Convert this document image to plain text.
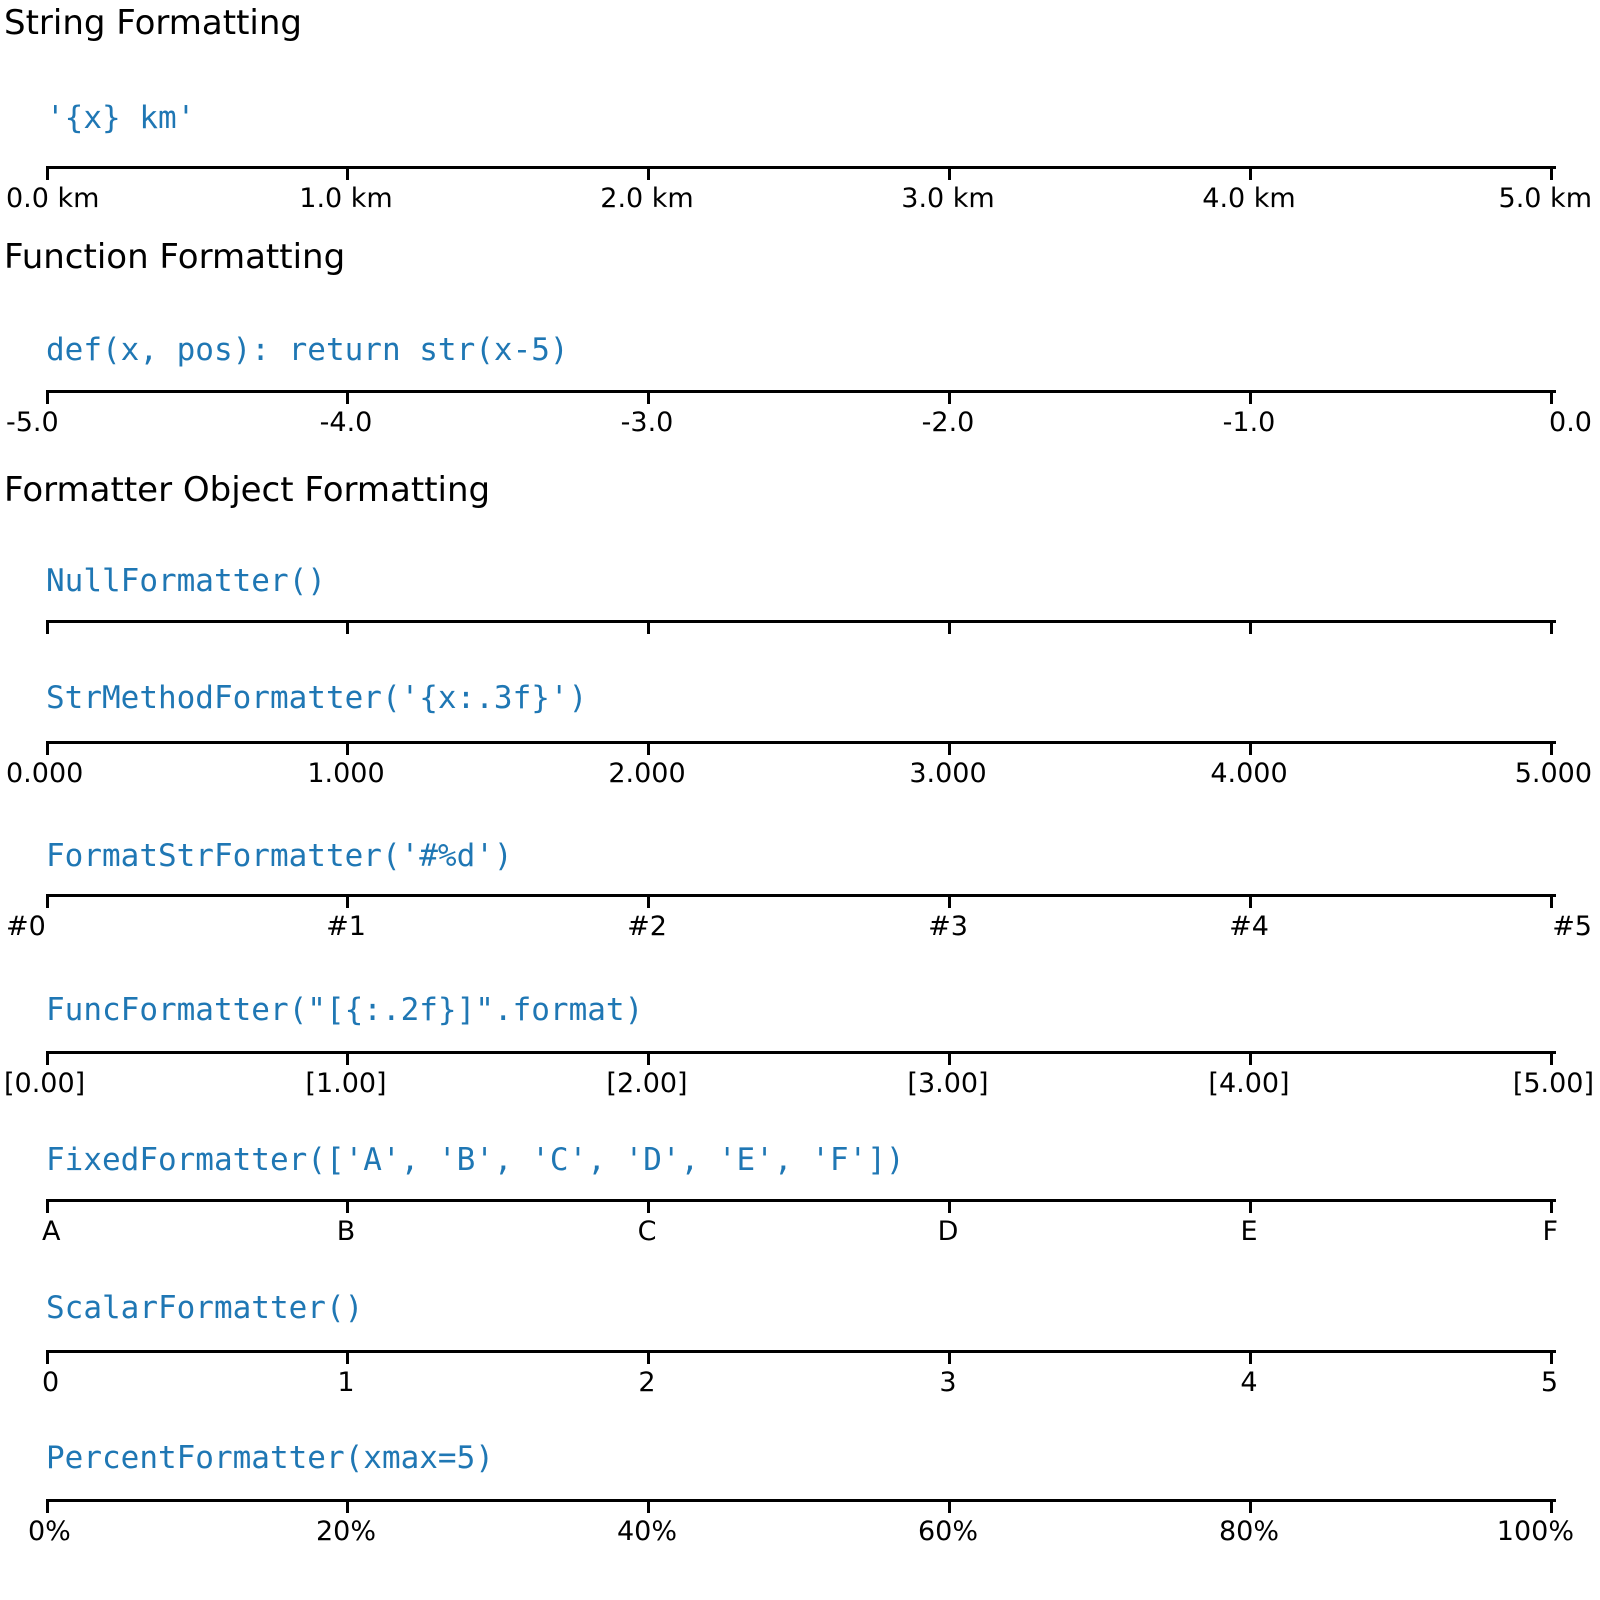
String Formatting
'{x} km'
0.0 km	1.0 km	2.0 km	3.0 km	4.0 km	5.0 km
Function Formatting
def(x, pos): return str(x-5)
-5.0	-4.0	-3.0	-2.0	-1.0	0.0
Formatter Object Formatting
NullFormatter()
StrMethodFormatter('{x:.3f}')
0.000	1.000	2.000	3.000	4.000	5.000
FormatStrFormatter('#%d')
#0	#1	#2	#3	#4	#5
FuncFormatter("[{:.2f}]".format)
[0.00]	[1.00]	[2.00]	[3.00]	[4.00]	[5.00]
FixedFormatter(['A', 'B', 'C', 'D', 'E', 'F'])
A	B	C	D	E	F
ScalarFormatter()
0	1	2	3	4	5
PercentFormatter(xmax=5)
0%	20%	40%	60%	80%	100%
